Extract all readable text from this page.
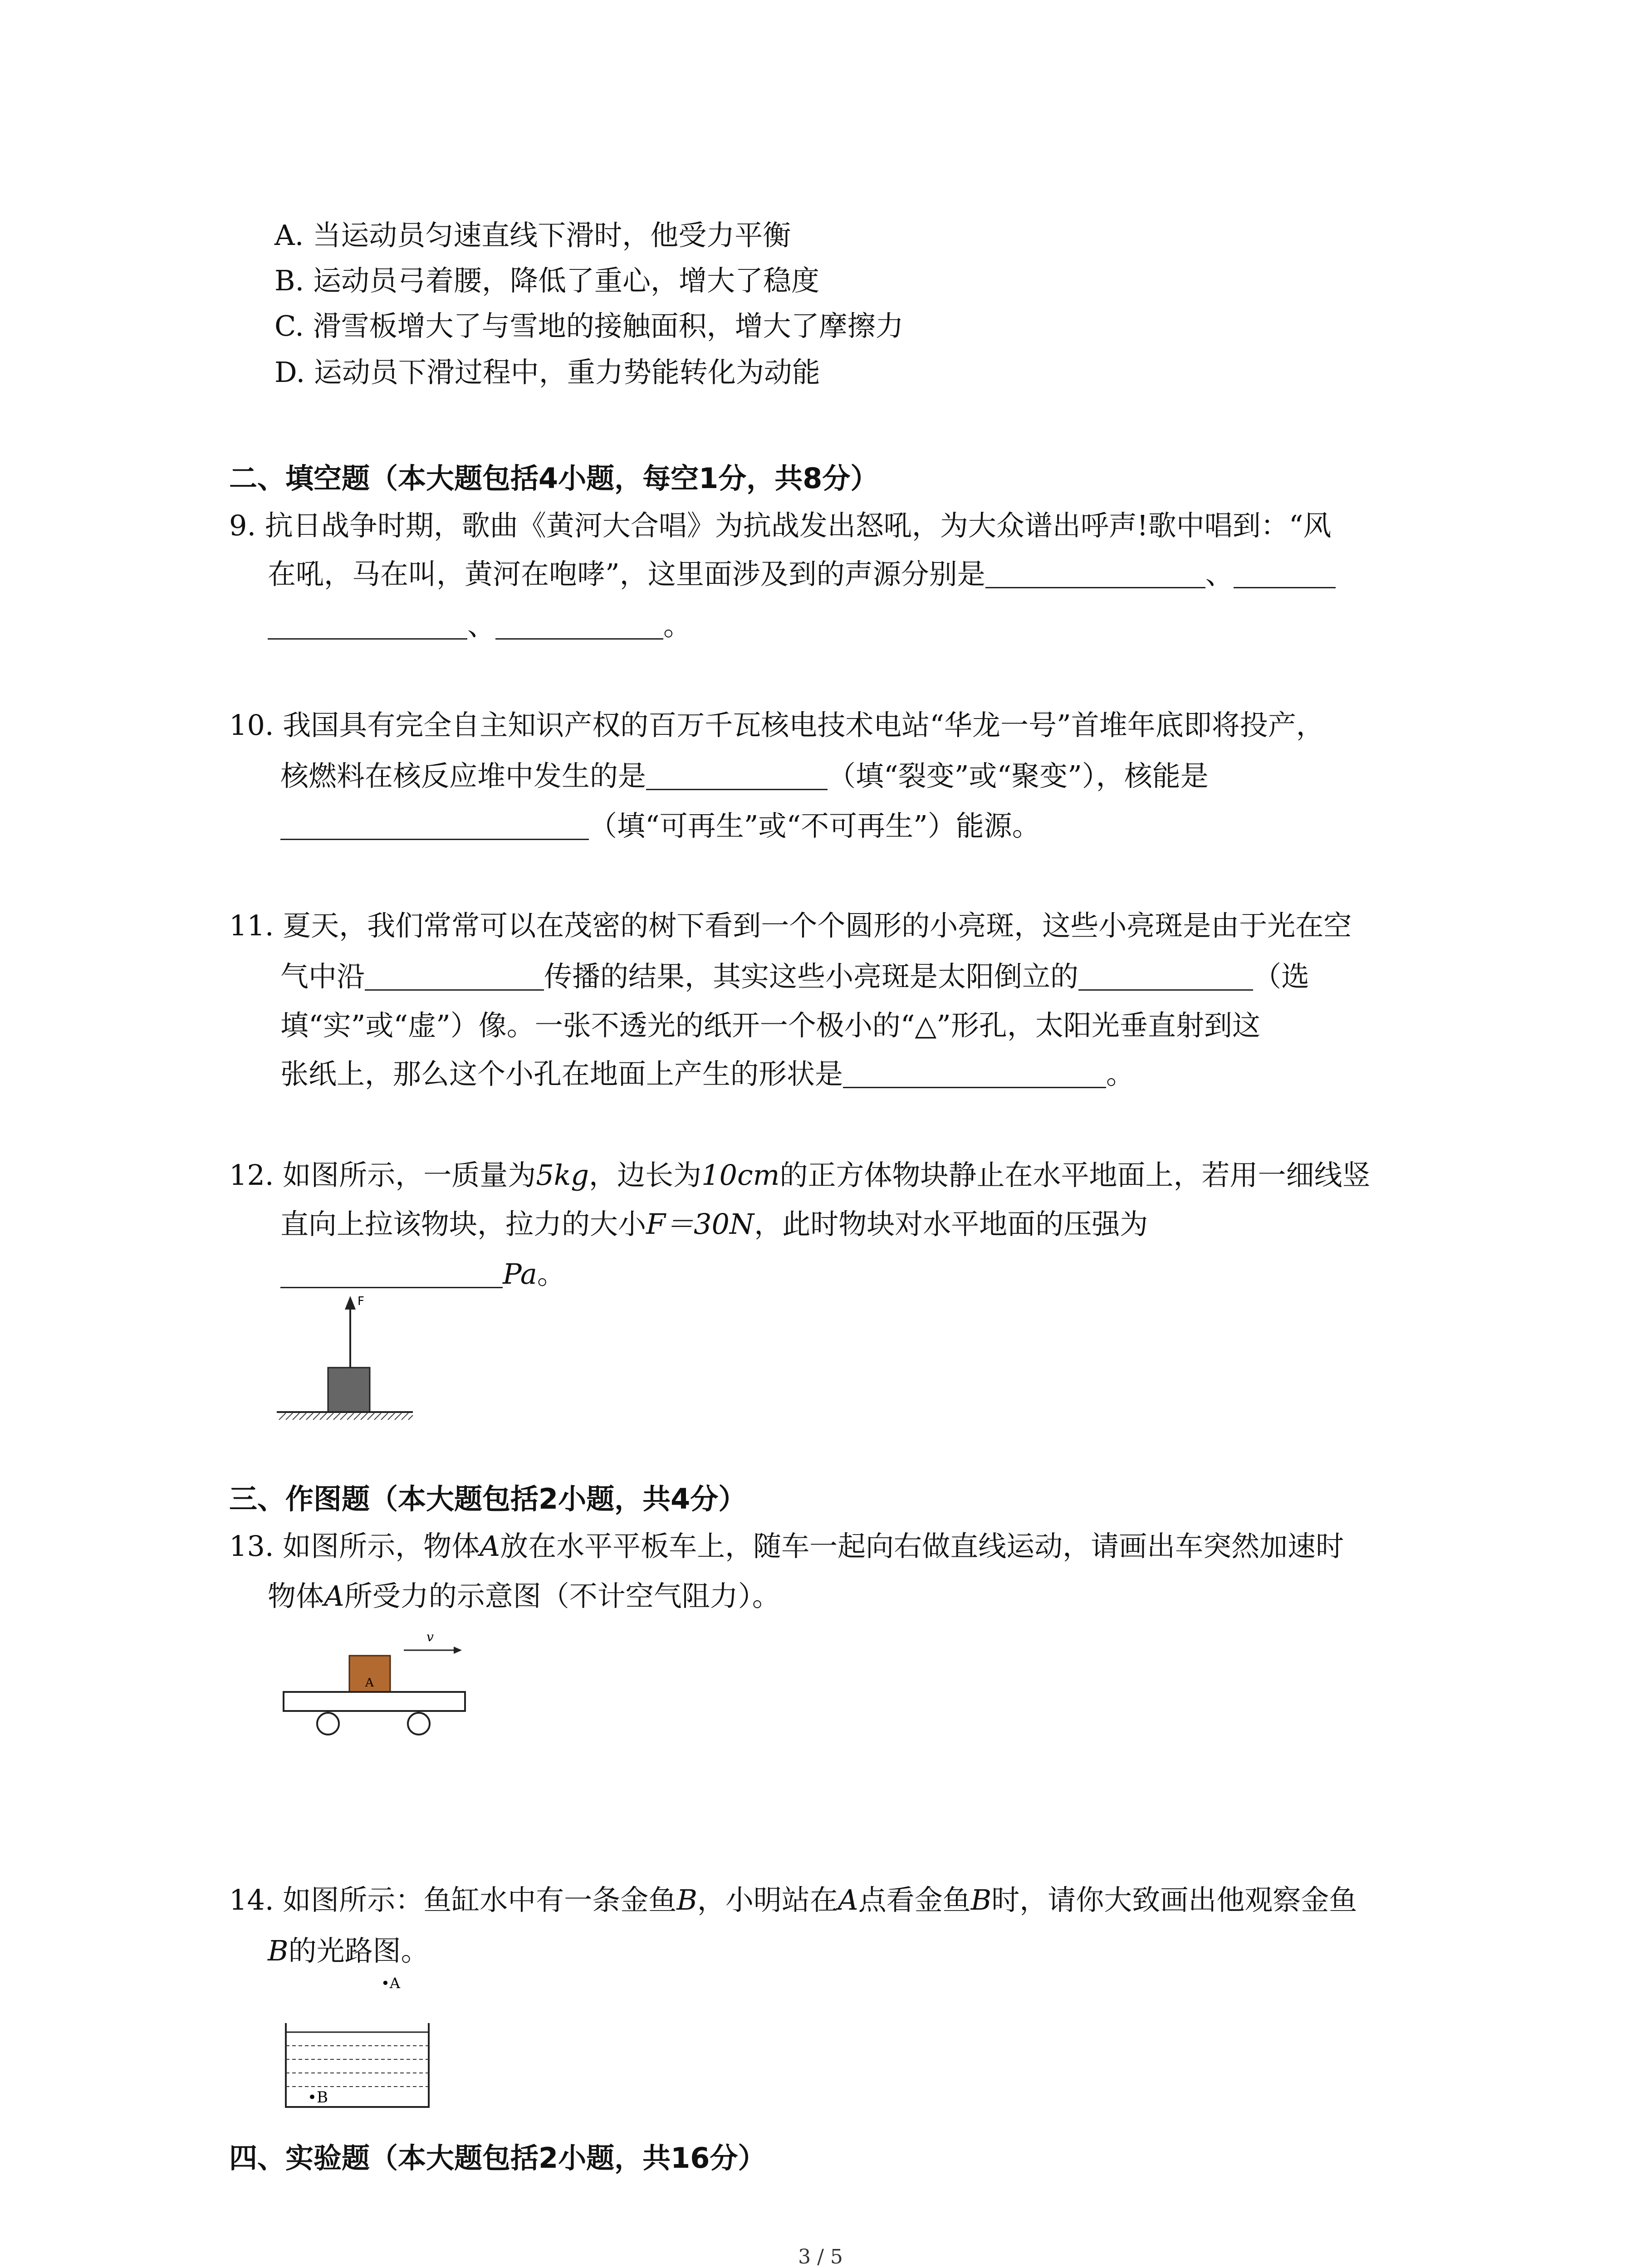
A. 当运动员匀速直线下滑时，他受力平衡
B. 运动员弓着腰，降低了重心，增大了稳度
C. 滑雪板增大了与雪地的接触面积，增大了摩擦力
D. 运动员下滑过程中，重力势能转化为动能
二、填空题（本大题包括4小题，每空1分，共8分）
9. 抗日战争时期，歌曲《黄河大合唱》为抗战发出怒吼，为大众谱出呼声!歌中唱到：“风
在吼，马在叫，黄河在咆哮”，这里面涉及到的声源分别是	、
、	。
10. 我国具有完全自主知识产权的百万千瓦核电技术电站“华龙一号”首堆年底即将投产，
核燃料在核反应堆中发生的是	（填“裂变”或“聚变”），核能是
（填“可再生”或“不可再生”）能源。
11. 夏天，我们常常可以在茂密的树下看到一个个圆形的小亮斑，这些小亮斑是由于光在空
气中沿	传播的结果，其实这些小亮斑是太阳倒立的	（选
填“实”或“虚”）像。一张不透光的纸开一个极小的“△”形孔，太阳光垂直射到这
张纸上，那么这个小孔在地面上产生的形状是	。
12. 如图所示，一质量为5kg，边长为10cm的正方体物块静止在水平地面上，若用一细线竖
直向上拉该物块，拉力的大小F＝30N，此时物块对水平地面的压强为
Pa。
F
三、作图题（本大题包括2小题，共4分）
13. 如图所示，物体A放在水平平板车上，随车一起向右做直线运动，请画出车突然加速时
物体A所受力的示意图（不计空气阻力）。
v
A
14. 如图所示：鱼缸水中有一条金鱼B，小明站在A点看金鱼B时，请你大致画出他观察金鱼
B的光路图。
•A
•B
四、实验题（本大题包括2小题，共16分）
3 / 5
